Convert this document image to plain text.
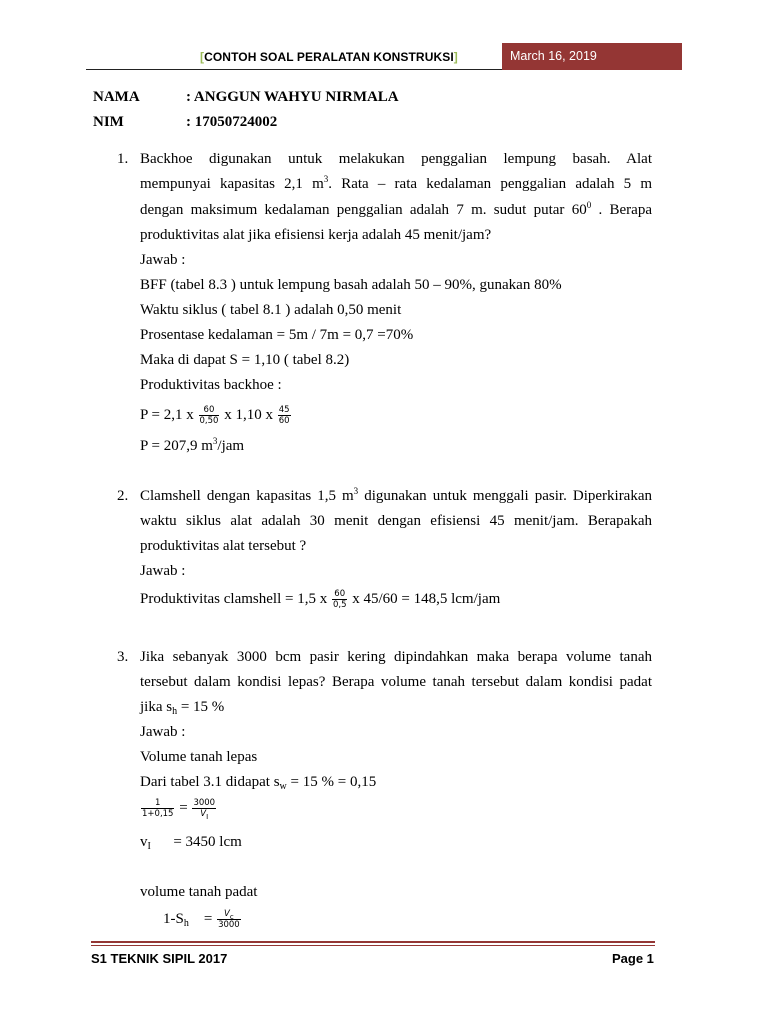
[CONTOH SOAL PERALATAN KONSTRUKSI]	March 16, 2019
NAMA	: ANGGUN WAHYU NIRMALA
NIM	: 17050724002
1. Backhoe digunakan untuk melakukan penggalian lempung basah. Alat
mempunyai kapasitas 2,1 $m^3$. Rata – rata kedalaman penggalian adalah 5 m
dengan maksimum kedalaman penggalian adalah 7 m. sudut putar $60^0$ . Berapa
produktivitas alat jika efisiensi kerja adalah 45 menit/jam?
Jawab :
BFF (tabel 8.3 ) untuk lempung basah adalah 50 – 90%, gunakan 80%
Waktu siklus ( tabel 8.1 ) adalah 0,50 menit
Prosentase kedalaman = 5m / 7m = 0,7 =70%
Maka di dapat S = 1,10 ( tabel 8.2)
Produktivitas backhoe :
P = 2,1 x $\frac{60}{0,50}$ x 1,10 x $\frac{45}{60}$
P = 207,9 $m^3$/jam
2. Clamshell dengan kapasitas 1,5 $m^3$ digunakan untuk menggali pasir. Diperkirakan
waktu siklus alat adalah 30 menit dengan efisiensi 45 menit/jam. Berapakah
produktivitas alat tersebut ?
Jawab :
Produktivitas clamshell = 1,5 x $\frac{60}{0,5}$ x 45/60 = 148,5 lcm/jam
3. Jika sebanyak 3000 bcm pasir kering dipindahkan maka berapa volume tanah
tersebut dalam kondisi lepas? Berapa volume tanah tersebut dalam kondisi padat
jika $s_h = 15$ %
Jawab :
Volume tanah lepas
Dari tabel 3.1 didapat $s_w = 15$ % = 0,15
$\frac{1}{1+0,15} = \frac{3000}{V_I}$
$v_I$      = 3450 lcm
volume tanah padat
$1-S_h$    = $\frac{V_c}{3000}$
S1 TEKNIK SIPIL 2017	Page 1
